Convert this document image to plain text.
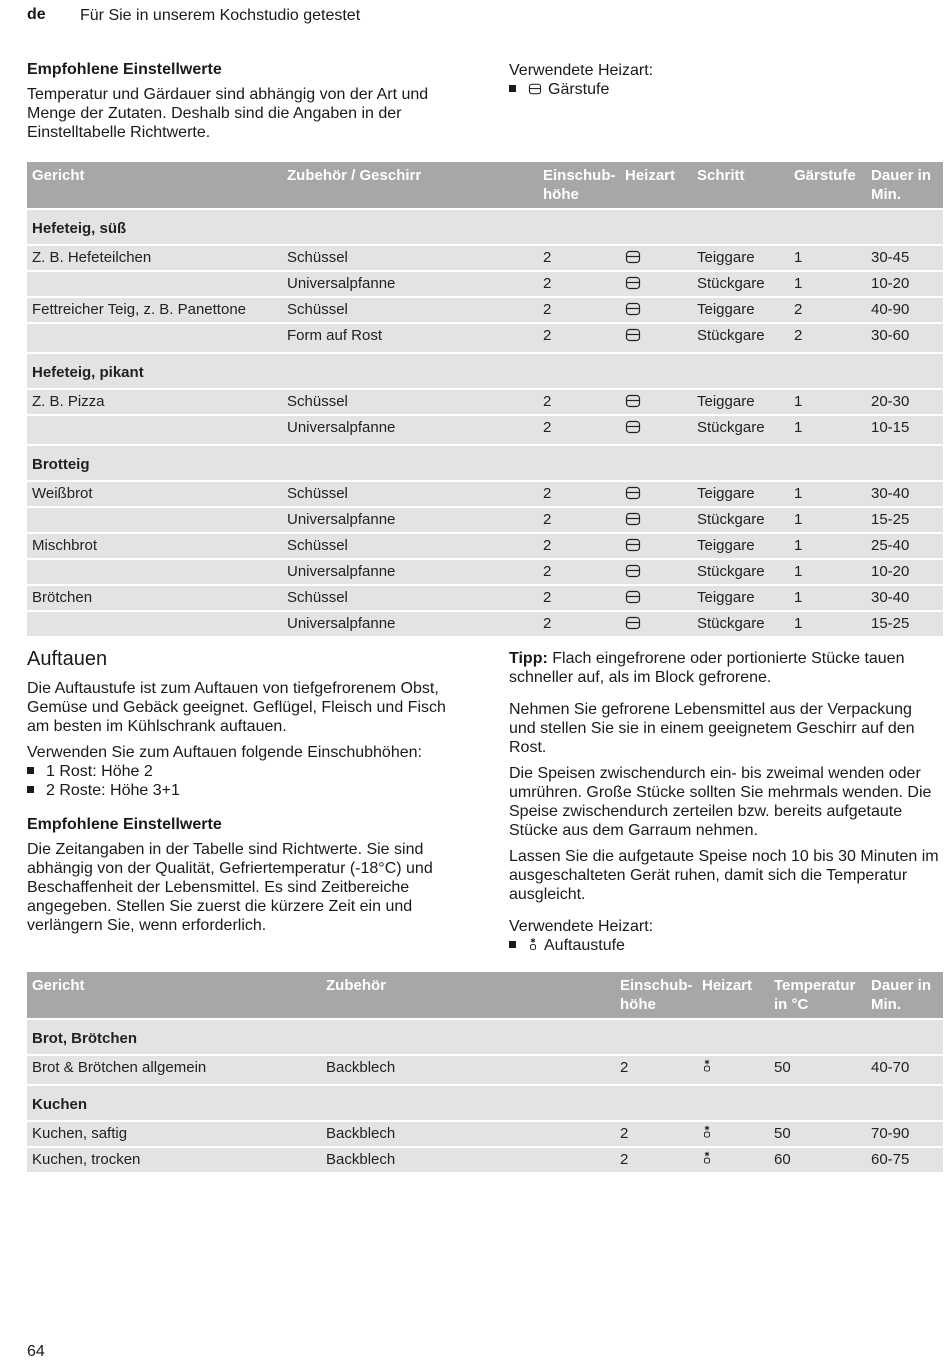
de Für Sie in unserem Kochstudio getestet

Empfohlene Einstellwerte

Temperatur und Gärdauer sind abhängig von der Art und Menge der Zutaten. Deshalb sind die Angaben in der Einstelltabelle Richtwerte.

Verwendete Heizart:

Gärstufe
Gericht	Zubehör / Geschirr	Einschub-höhe	Heizart	Schritt	Gärstufe	Dauer in Min.
Hefeteig, süß						
Z. B. Hefeteilchen	Schüssel	2		Teiggare	1	30-45
	Universalpfanne	2		Stückgare	1	10-20
Fettreicher Teig, z. B. Panettone	Schüssel	2		Teiggare	2	40-90
	Form auf Rost	2		Stückgare	2	30-60

Hefeteig, pikant						
Z. B. Pizza	Schüssel	2		Teiggare	1	20-30
	Universalpfanne	2		Stückgare	1	10-15

Brotteig						
Weißbrot	Schüssel	2		Teiggare	1	30-40
	Universalpfanne	2		Stückgare	1	15-25
Mischbrot	Schüssel	2		Teiggare	1	25-40
	Universalpfanne	2		Stückgare	1	10-20
Brötchen	Schüssel	2		Teiggare	1	30-40
	Universalpfanne	2		Stückgare	1	15-25

Auftauen

Die Auftaustufe ist zum Auftauen von tiefgefrorenem Obst, Gemüse und Gebäck geeignet. Geflügel, Fleisch und Fisch am besten im Kühlschrank auftauen.

Verwenden Sie zum Auftauen folgende Einschubhöhen:

1 Rost: Höhe 2
2 Roste: Höhe 3+1

Empfohlene Einstellwerte

Die Zeitangaben in der Tabelle sind Richtwerte. Sie sind abhängig von der Qualität, Gefriertemperatur (-18°C) und Beschaffenheit der Lebensmittel. Es sind Zeitbereiche angegeben. Stellen Sie zuerst die kürzere Zeit ein und verlängern Sie, wenn erforderlich.

Tipp: Flach eingefrorene oder portionierte Stücke tauen schneller auf, als im Block gefrorene.

Nehmen Sie gefrorene Lebensmittel aus der Verpackung und stellen Sie sie in einem geeignetem Geschirr auf den Rost.

Die Speisen zwischendurch ein- bis zweimal wenden oder umrühren. Große Stücke sollten Sie mehrmals wenden. Die Speise zwischendurch zerteilen bzw. bereits aufgetaute Stücke aus dem Garraum nehmen.

Lassen Sie die aufgetaute Speise noch 10 bis 30 Minuten im ausgeschalteten Gerät ruhen, damit sich die Temperatur ausgleicht.

Verwendete Heizart:

Auftaustufe
Gericht	Zubehör	Einschub-höhe	Heizart	Temperatur in °C	Dauer in Min.
Brot, Brötchen					
Brot & Brötchen allgemein	Backblech	2		50	40-70

Kuchen					
Kuchen, saftig	Backblech	2		50	70-90
Kuchen, trocken	Backblech	2		60	60-75
64
